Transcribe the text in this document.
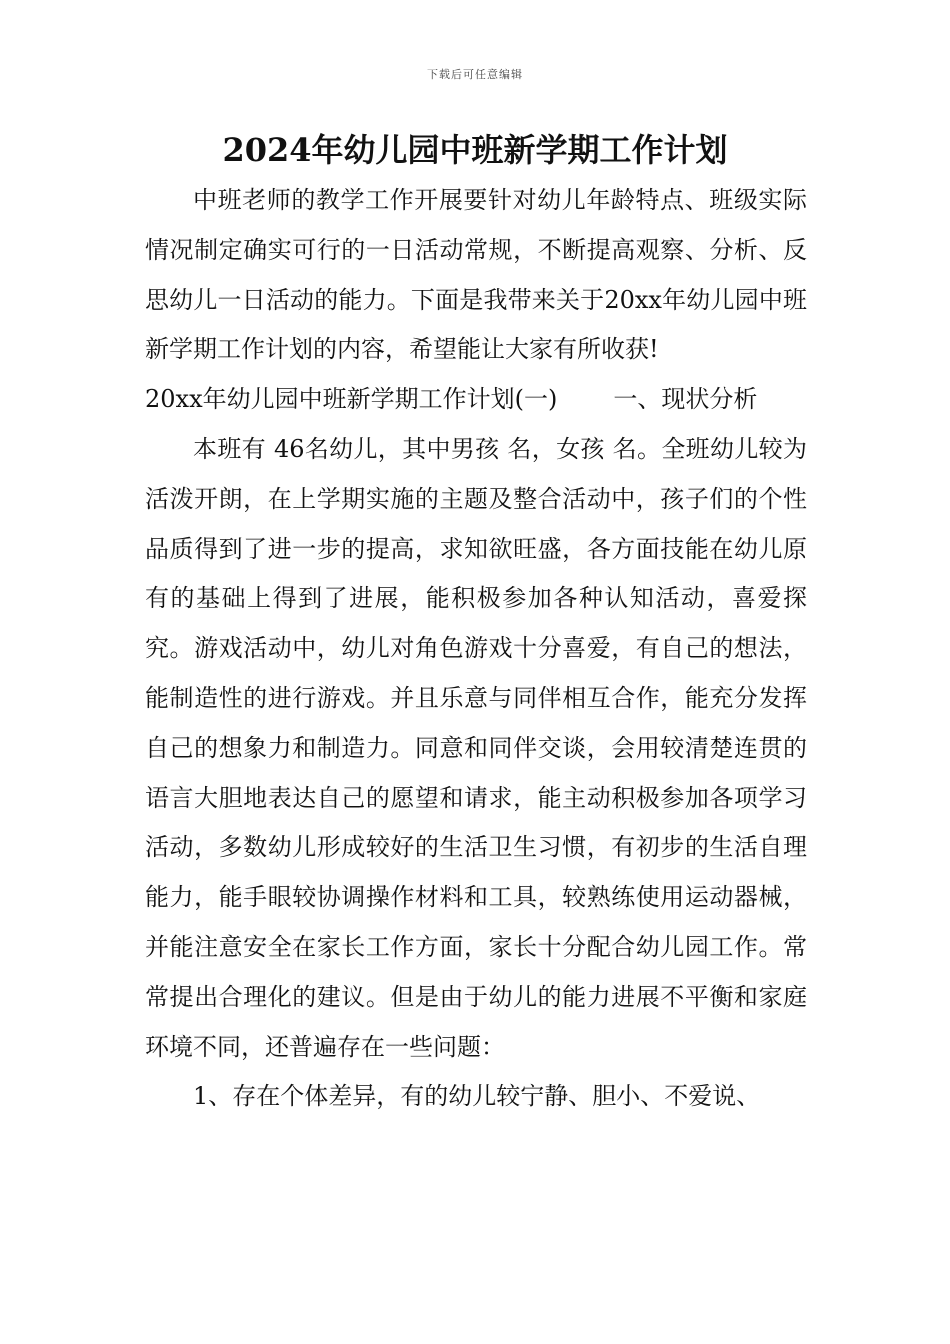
下载后可任意编辑
2024年幼儿园中班新学期工作计划

中班老师的教学工作开展要针对幼儿年龄特点、班级实际情况制定确实可行的一日活动常规，不断提高观察、分析、反思幼儿一日活动的能力。下面是我带来关于20xx年幼儿园中班新学期工作计划的内容，希望能让大家有所收获!

20xx年幼儿园中班新学期工作计划(一) 一、现状分析

本班有 46名幼儿，其中男孩 名，女孩 名。全班幼儿较为活泼开朗，在上学期实施的主题及整合活动中，孩子们的个性品质得到了进一步的提高，求知欲旺盛，各方面技能在幼儿原有的基础上得到了进展，能积极参加各种认知活动，喜爱探究。游戏活动中，幼儿对角色游戏十分喜爱，有自己的想法，能制造性的进行游戏。并且乐意与同伴相互合作，能充分发挥自己的想象力和制造力。同意和同伴交谈，会用较清楚连贯的语言大胆地表达自己的愿望和请求，能主动积极参加各项学习活动，多数幼儿形成较好的生活卫生习惯，有初步的生活自理能力，能手眼较协调操作材料和工具，较熟练使用运动器械，并能注意安全在家长工作方面，家长十分配合幼儿园工作。常常提出合理化的建议。但是由于幼儿的能力进展不平衡和家庭环境不同，还普遍存在一些问题：

1、存在个体差异，有的幼儿较宁静、胆小、不爱说、
